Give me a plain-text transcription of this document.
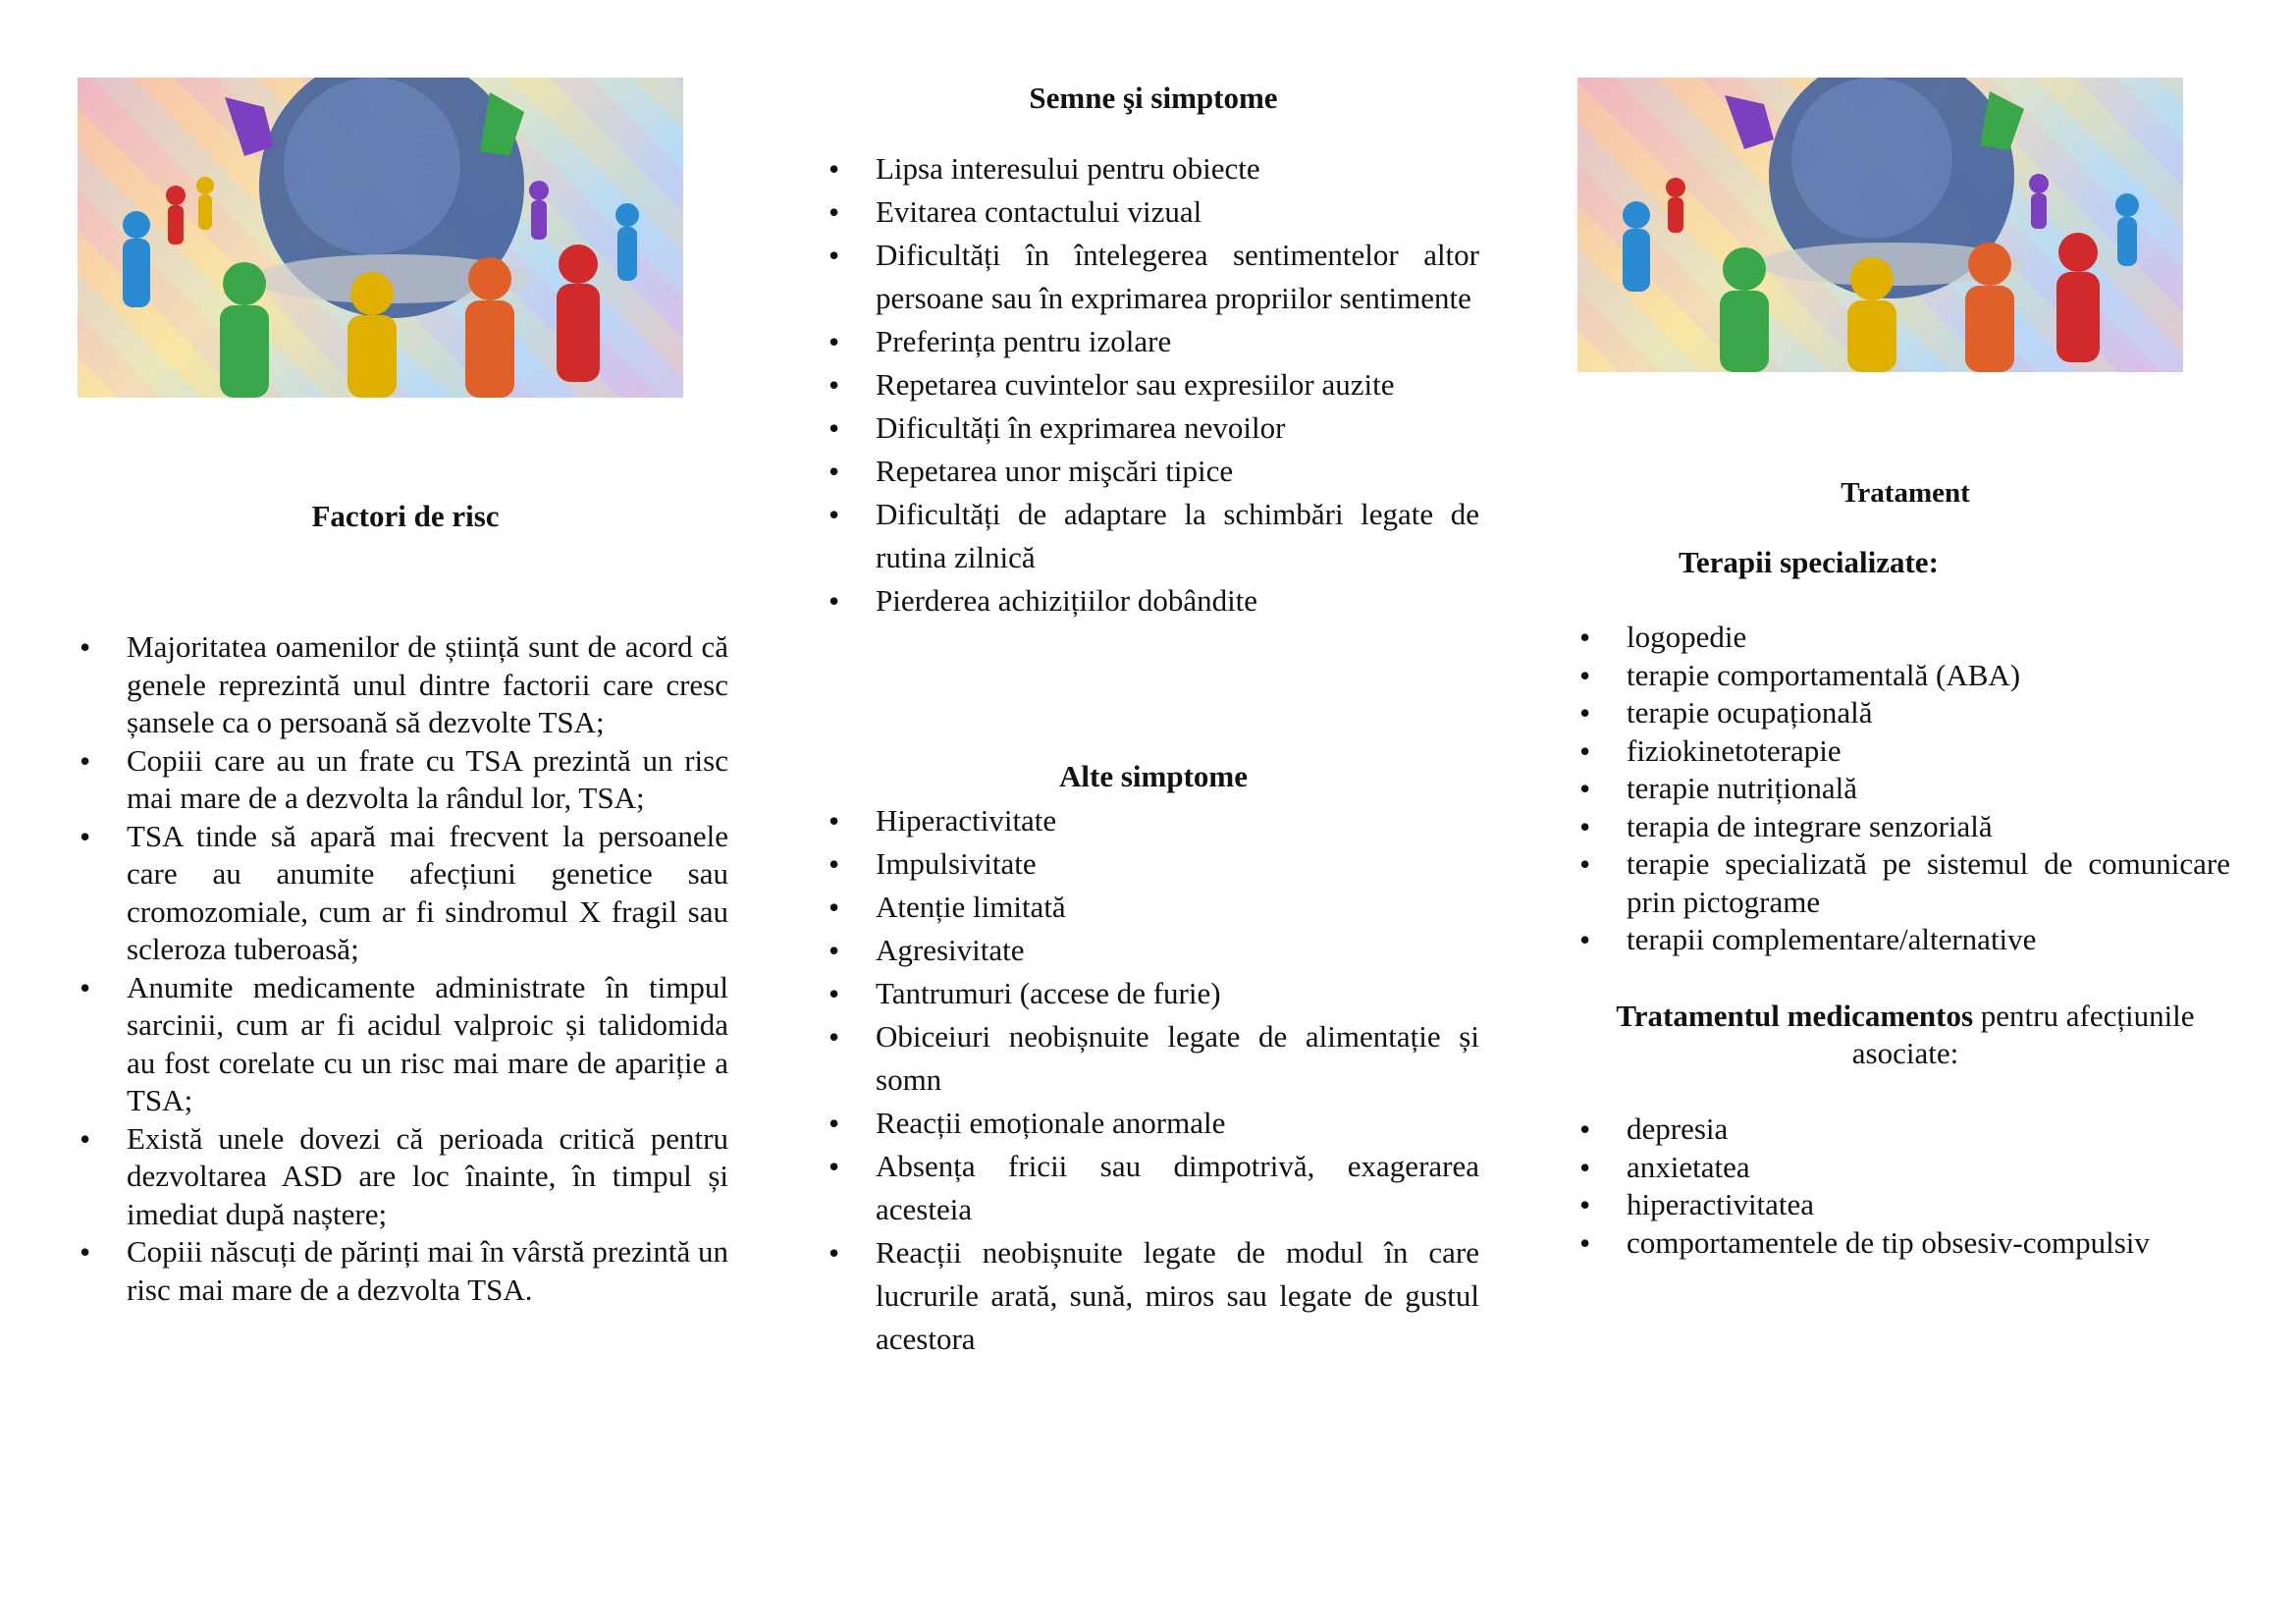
Factori de risc
• Majoritatea oamenilor de știință sunt de acord că genele reprezintă unul dintre factorii care cresc șansele ca o persoană să dezvolte TSA;
• Copiii care au un frate cu TSA prezintă un risc mai mare de a dezvolta la rândul lor, TSA;
• TSA tinde să apară mai frecvent la persoanele care au anumite afecțiuni genetice sau cromozomiale, cum ar fi sindromul X fragil sau scleroza tuberoasă;
• Anumite medicamente administrate în timpul sarcinii, cum ar fi acidul valproic și talidomida au fost corelate cu un risc mai mare de apariție a TSA;
• Există unele dovezi că perioada critică pentru dezvoltarea ASD are loc înainte, în timpul și imediat după naștere;
• Copiii născuți de părinți mai în vârstă prezintă un risc mai mare de a dezvolta TSA.
Semne şi simptome
• Lipsa interesului pentru obiecte
• Evitarea contactului vizual
• Dificultăți în întelegerea sentimentelor altor persoane sau în exprimarea propriilor sentimente
• Preferința pentru izolare
• Repetarea cuvintelor sau expresiilor auzite
• Dificultăți în exprimarea nevoilor
• Repetarea unor mişcări tipice
• Dificultăți de adaptare la schimbări legate de rutina zilnică
• Pierderea achizițiilor dobândite
Alte simptome
• Hiperactivitate
• Impulsivitate
• Atenție limitată
• Agresivitate
• Tantrumuri (accese de furie)
• Obiceiuri neobișnuite legate de alimentație și somn
• Reacții emoționale anormale
• Absența fricii sau dimpotrivă, exagerarea acesteia
• Reacții neobișnuite legate de modul în care lucrurile arată, sună, miros sau legate de gustul acestora
Tratament
Terapii specializate:
• logopedie
• terapie comportamentală (ABA)
• terapie ocupațională
• fiziokinetoterapie
• terapie nutrițională
• terapia de integrare senzorială
• terapie specializată pe sistemul de comunicare prin pictograme
• terapii complementare/alternative

Tratamentul medicamentos pentru afecțiunile asociate:

• depresia
• anxietatea
• hiperactivitatea
• comportamentele de tip obsesiv-compulsiv
